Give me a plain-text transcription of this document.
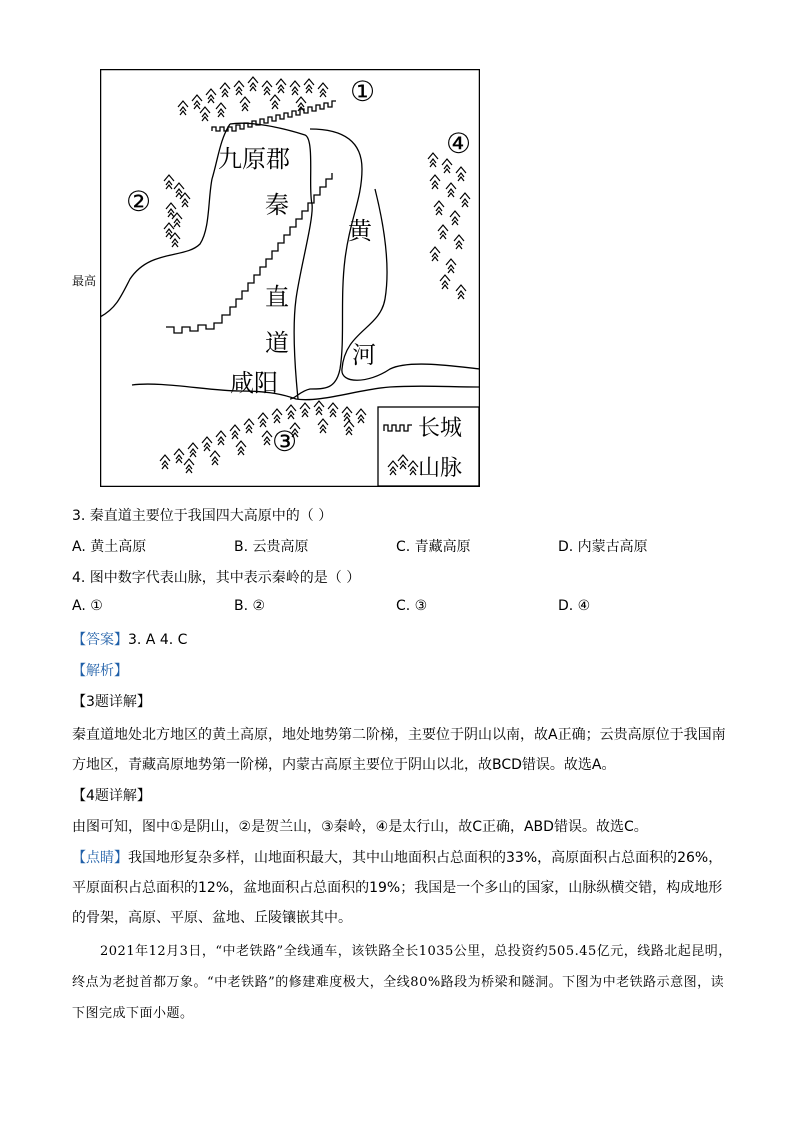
①
②
④
③
九原郡
秦
直
道
咸阳
黄
河
长城
山脉
最高
3. 秦直道主要位于我国四大高原中的（ ）
A. 黄土高原	B. 云贵高原	C. 青藏高原	D. 内蒙古高原
4. 图中数字代表山脉，其中表示秦岭的是（ ）
A. ①	B. ②	C. ③	D. ④
【答案】3. A 4. C
【解析】
【3题详解】
秦直道地处北方地区的黄土高原，地处地势第二阶梯，主要位于阴山以南，故A正确；云贵高原位于我国南方地区，青藏高原地势第一阶梯，内蒙古高原主要位于阴山以北，故BCD错误。故选A。
【4题详解】
由图可知，图中①是阴山，②是贺兰山，③秦岭，④是太行山，故C正确，ABD错误。故选C。
【点睛】我国地形复杂多样，山地面积最大，其中山地面积占总面积的33%，高原面积占总面积的26%，平原面积占总面积的12%，盆地面积占总面积的19%；我国是一个多山的国家，山脉纵横交错，构成地形的骨架，高原、平原、盆地、丘陵镶嵌其中。
2021年12月3日，“中老铁路”全线通车，该铁路全长1035公里，总投资约505.45亿元，线路北起昆明，终点为老挝首都万象。“中老铁路”的修建难度极大，全线80%路段为桥梁和隧洞。下图为中老铁路示意图，读下图完成下面小题。
